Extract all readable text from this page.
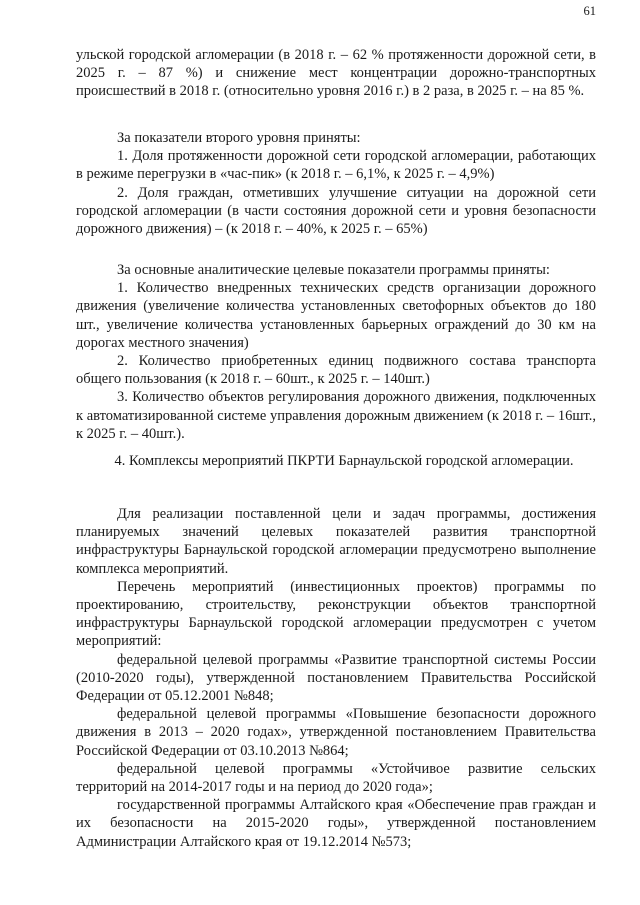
61

ульской городской агломерации (в 2018 г. – 62 % протяженности дорожной сети, в 2025 г. – 87 %) и снижение мест концентрации дорожно-транспортных происшествий в 2018 г. (относительно уровня 2016 г.) в 2 раза, в 2025 г. – на 85 %.

За показатели второго уровня приняты:

1. Доля протяженности дорожной сети городской агломерации, работающих в режиме перегрузки в «час-пик» (к 2018 г. – 6,1%, к 2025 г. – 4,9%)

2. Доля граждан, отметивших улучшение ситуации на дорожной сети городской агломерации (в части состояния дорожной сети и уровня безопасности дорожного движения) – (к 2018 г. – 40%, к 2025 г. – 65%)

За основные аналитические целевые показатели программы приняты:

1. Количество внедренных технических средств организации дорожного движения (увеличение количества установленных светофорных объектов до 180 шт., увеличение количества установленных барьерных ограждений до 30 км на дорогах местного значения)

2. Количество приобретенных единиц подвижного состава транспорта общего пользования (к 2018 г. – 60шт., к 2025 г. – 140шт.)

3. Количество объектов регулирования дорожного движения, подключенных к автоматизированной системе управления дорожным движением (к 2018 г. – 16шт., к 2025 г. – 40шт.).

4. Комплексы мероприятий ПКРТИ Барнаульской городской агломерации.

Для реализации поставленной цели и задач программы, достижения планируемых значений целевых показателей развития транспортной инфраструктуры Барнаульской городской агломерации предусмотрено выполнение комплекса мероприятий.

Перечень мероприятий (инвестиционных проектов) программы по проектированию, строительству, реконструкции объектов транспортной инфраструктуры Барнаульской городской агломерации предусмотрен с учетом мероприятий:

федеральной целевой программы «Развитие транспортной системы России (2010-2020 годы), утвержденной постановлением Правительства Российской Федерации от 05.12.2001 №848;

федеральной целевой программы «Повышение безопасности дорожного движения в 2013 – 2020 годах», утвержденной постановлением Правительства Российской Федерации от 03.10.2013 №864;

федеральной целевой программы «Устойчивое развитие сельских территорий на 2014-2017 годы и на период до 2020 года»;

государственной программы Алтайского края «Обеспечение прав граждан и их безопасности на 2015-2020 годы», утвержденной постановлением Администрации Алтайского края от 19.12.2014 №573;
